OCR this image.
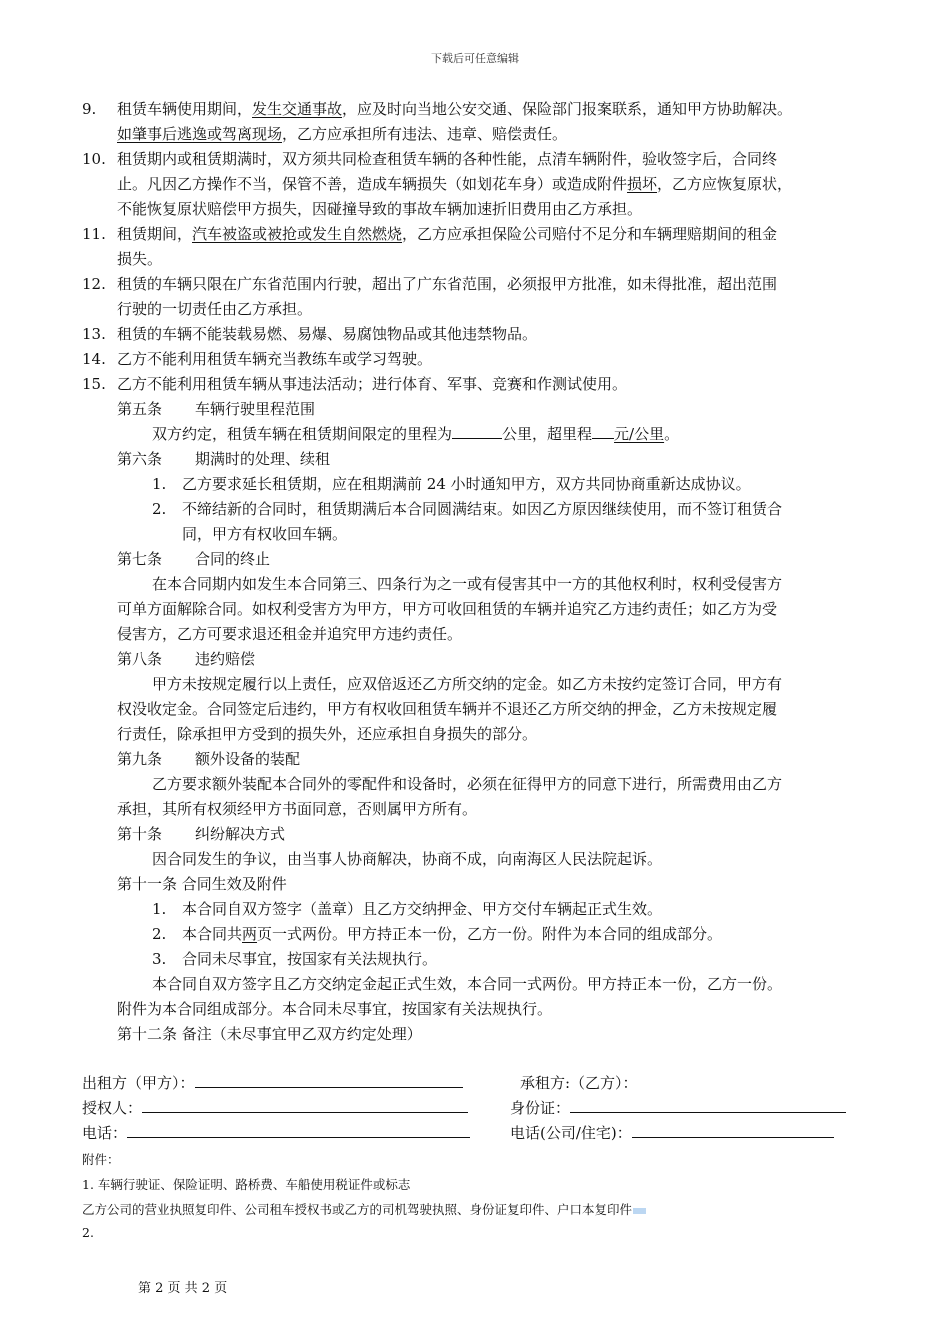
下载后可任意编辑
9. 租赁车辆使用期间，发生交通事故，应及时向当地公安交通、保险部门报案联系，通知甲方协助解决。
如肇事后逃逸或驾离现场，乙方应承担所有违法、违章、赔偿责任。
10. 租赁期内或租赁期满时，双方须共同检查租赁车辆的各种性能，点清车辆附件，验收签字后，合同终
止。凡因乙方操作不当，保管不善，造成车辆损失（如划花车身）或造成附件损坏，乙方应恢复原状，
不能恢复原状赔偿甲方损失，因碰撞导致的事故车辆加速折旧费用由乙方承担。
11. 租赁期间，汽车被盗或被抢或发生自然燃烧，乙方应承担保险公司赔付不足分和车辆理赔期间的租金
损失。
12. 租赁的车辆只限在广东省范围内行驶，超出了广东省范围，必须报甲方批准，如未得批准，超出范围
行驶的一切责任由乙方承担。
13. 租赁的车辆不能装载易燃、易爆、易腐蚀物品或其他违禁物品。
14. 乙方不能利用租赁车辆充当教练车或学习驾驶。
15. 乙方不能利用租赁车辆从事违法活动；进行体育、军事、竞赛和作测试使用。
第五条 车辆行驶里程范围
双方约定，租赁车辆在租赁期间限定的里程为	公里，超里程 元/公里。
第六条 期满时的处理、续租
1. 乙方要求延长租赁期，应在租期满前 24 小时通知甲方，双方共同协商重新达成协议。
2. 不缔结新的合同时，租赁期满后本合同圆满结束。如因乙方原因继续使用，而不签订租赁合
同，甲方有权收回车辆。
第七条 合同的终止
在本合同期内如发生本合同第三、四条行为之一或有侵害其中一方的其他权利时，权利受侵害方
可单方面解除合同。如权利受害方为甲方，甲方可收回租赁的车辆并追究乙方违约责任；如乙方为受
侵害方，乙方可要求退还租金并追究甲方违约责任。
第八条 违约赔偿
甲方未按规定履行以上责任，应双倍返还乙方所交纳的定金。如乙方未按约定签订合同，甲方有
权没收定金。合同签定后违约，甲方有权收回租赁车辆并不退还乙方所交纳的押金，乙方未按规定履
行责任，除承担甲方受到的损失外，还应承担自身损失的部分。
第九条 额外设备的装配
乙方要求额外装配本合同外的零配件和设备时，必须在征得甲方的同意下进行，所需费用由乙方
承担，其所有权须经甲方书面同意，否则属甲方所有。
第十条 纠纷解决方式
因合同发生的争议，由当事人协商解决，协商不成，向南海区人民法院起诉。
第十一条 合同生效及附件
1. 本合同自双方签字（盖章）且乙方交纳押金、甲方交付车辆起正式生效。
2. 本合同共两页一式两份。甲方持正本一份，乙方一份。附件为本合同的组成部分。
3. 合同未尽事宜，按国家有关法规执行。
本合同自双方签字且乙方交纳定金起正式生效，本合同一式两份。甲方持正本一份，乙方一份。
附件为本合同组成部分。本合同未尽事宜，按国家有关法规执行。
第十二条 备注（未尽事宜甲乙双方约定处理）
出租方（甲方）：	承租方:（乙方）：
授权人：	身份证：
电话：	电话(公司/住宅)：
附件：
1. 车辆行驶证、保险证明、路桥费、车船使用税证件或标志
乙方公司的营业执照复印件、公司租车授权书或乙方的司机驾驶执照、身份证复印件、户口本复印件
2.
第 2 页 共 2 页
